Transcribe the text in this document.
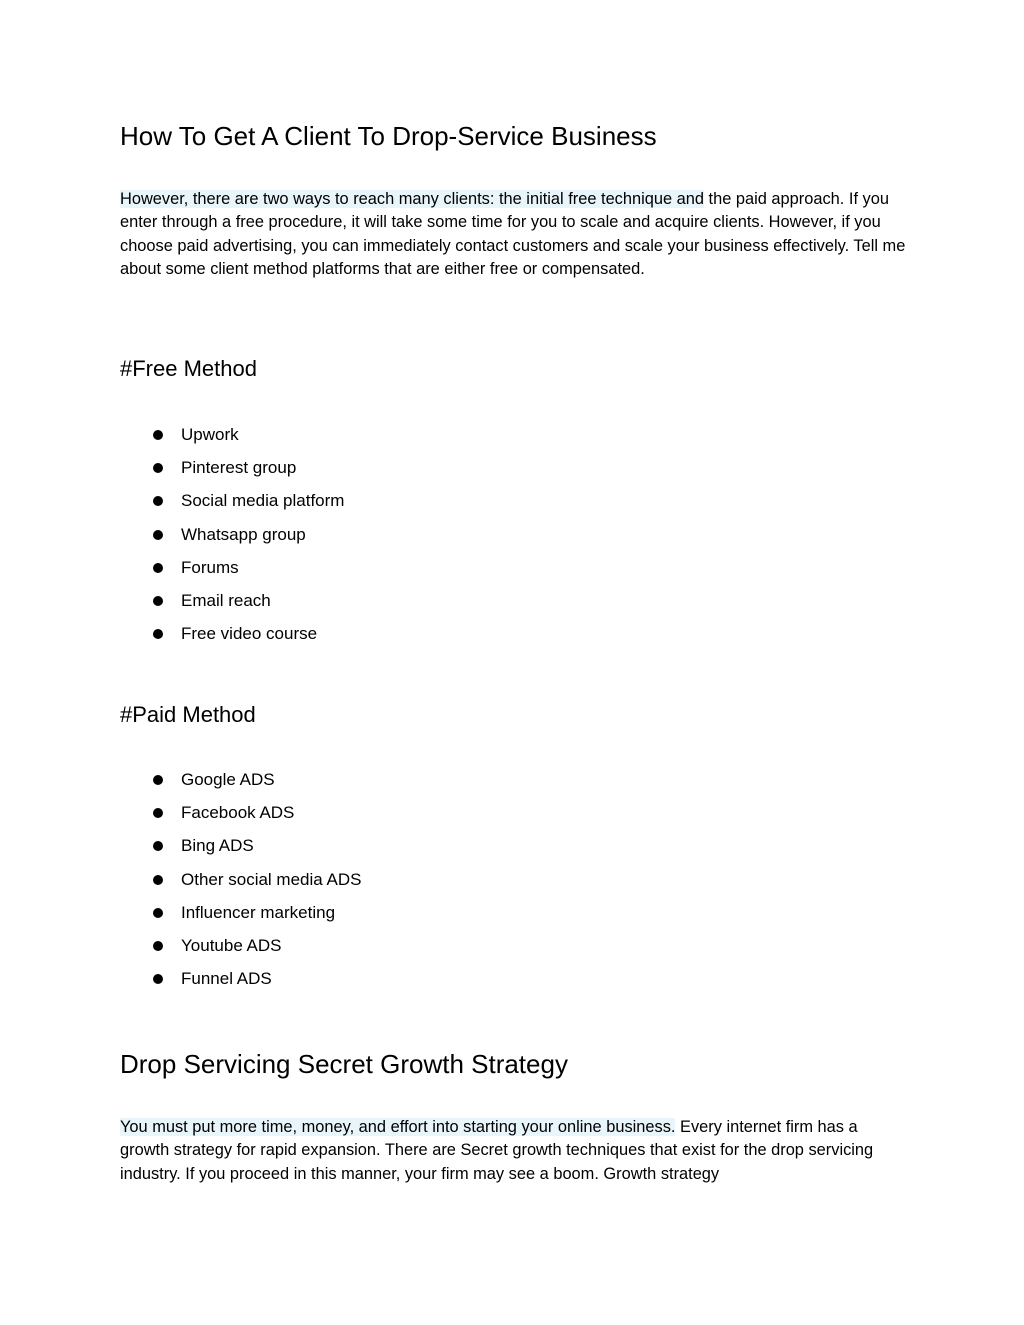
How To Get A Client To Drop-Service Business

However, there are two ways to reach many clients: the initial free technique and the paid approach. If you enter through a free procedure, it will take some time for you to scale and acquire clients. However, if you choose paid advertising, you can immediately contact customers and scale your business effectively. Tell me about some client method platforms that are either free or compensated.

#Free Method
Upwork
Pinterest group
Social media platform
Whatsapp group
Forums
Email reach
Free video course
#Paid Method
Google ADS
Facebook ADS
Bing ADS
Other social media ADS
Influencer marketing
Youtube ADS
Funnel ADS
Drop Servicing Secret Growth Strategy

You must put more time, money, and effort into starting your online business. Every internet firm has a growth strategy for rapid expansion. There are Secret growth techniques that exist for the drop servicing industry. If you proceed in this manner, your firm may see a boom. Growth strategy
